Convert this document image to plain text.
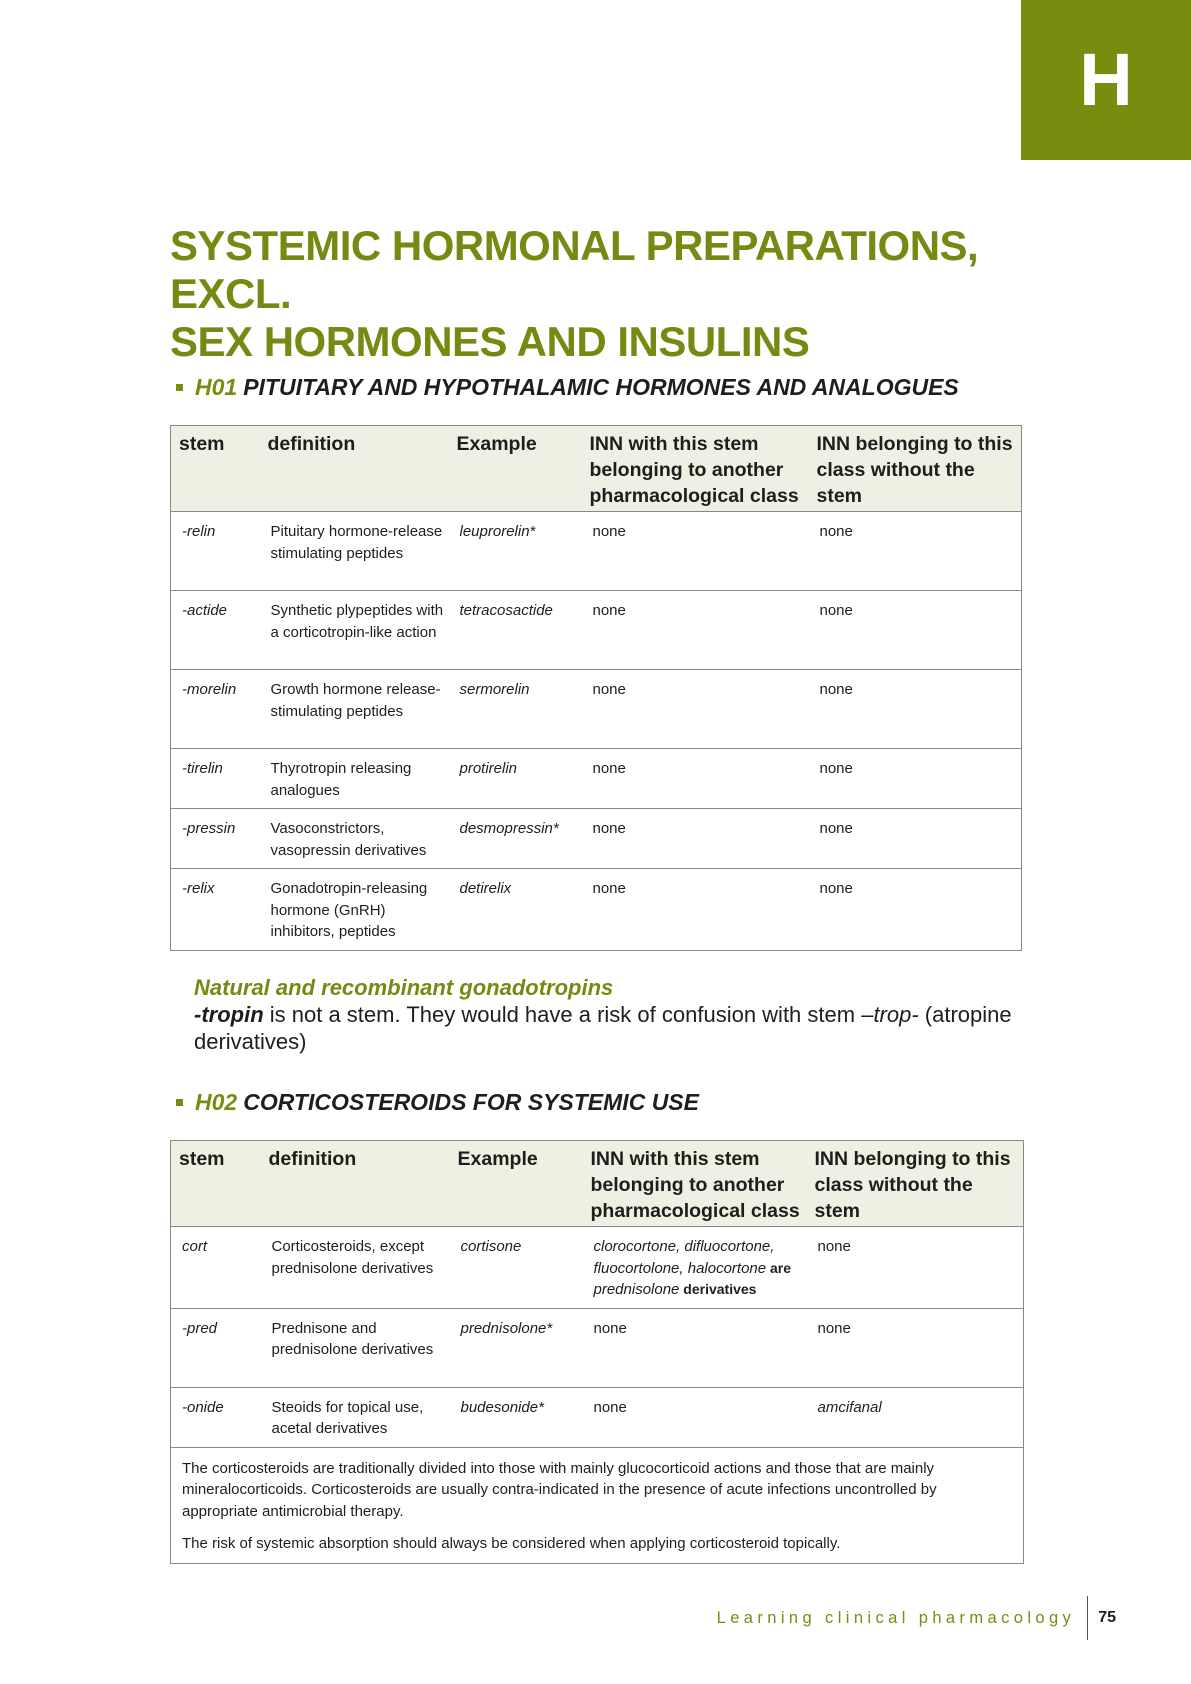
H
SYSTEMIC HORMONAL PREPARATIONS, EXCL.
SEX HORMONES AND INSULINS
H01 PITUITARY AND HYPOTHALAMIC HORMONES AND ANALOGUES
stem	definition	Example	INN with this stem belonging to another pharmacological class	INN belonging to this class without the stem
-relin	Pituitary hormone-release stimulating peptides	leuprorelin*	none	none
-actide	Synthetic plypeptides with a corticotropin-like action	tetracosactide	none	none
-morelin	Growth hormone release-stimulating peptides	sermorelin	none	none
-tirelin	Thyrotropin releasing analogues	protirelin	none	none
-pressin	Vasoconstrictors, vasopressin derivatives	desmopressin*	none	none
-relix	Gonadotropin-releasing hormone (GnRH) inhibitors, peptides	detirelix	none	none
Natural and recombinant gonadotropins
-tropin is not a stem. They would have a risk of confusion with stem –trop- (atropine derivatives)
H02 CORTICOSTEROIDS FOR SYSTEMIC USE
stem	definition	Example	INN with this stem belonging to another pharmacological class	INN belonging to this class without the stem
cort	Corticosteroids, except prednisolone derivatives	cortisone	clorocortone, difluocortone, fluocortolone, halocortone are prednisolone derivatives	none
-pred	Prednisone and prednisolone derivatives	prednisolone*	none	none
-onide	Steoids for topical use, acetal derivatives	budesonide*	none	amcifanal

The corticosteroids are traditionally divided into those with mainly glucocorticoid actions and those that are mainly mineralocorticoids. Corticosteroids are usually contra-indicated in the presence of acute infections uncontrolled by appropriate antimicrobial therapy.

The risk of systemic absorption should always be considered when applying corticosteroid topically.				

Learning clinical pharmacology 75
